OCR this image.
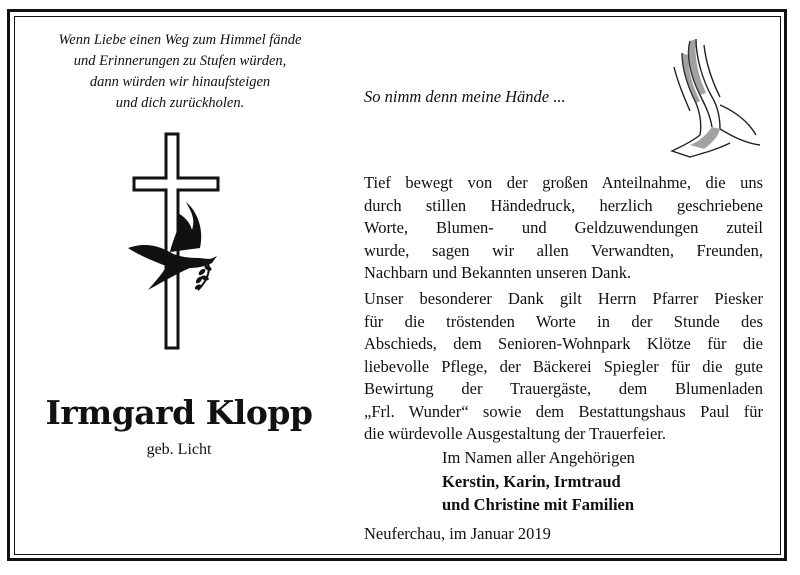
Wenn Liebe einen Weg zum Himmel fände
und Erinnerungen zu Stufen würden,
dann würden wir hinaufsteigen
und dich zurückholen.
Irmgard Klopp
geb. Licht
So nimm denn meine Hände ...
Tief bewegt von der großen Anteilnahme, die uns
durch stillen Händedruck, herzlich geschriebene
Worte, Blumen- und Geldzuwendungen zuteil
wurde, sagen wir allen Verwandten, Freunden,
Nachbarn und Bekannten unseren Dank.
Unser besonderer Dank gilt Herrn Pfarrer Piesker
für die tröstenden Worte in der Stunde des
Abschieds, dem Senioren-Wohnpark Klötze für die
liebevolle Pflege, der Bäckerei Spiegler für die gute
Bewirtung der Trauergäste, dem Blumenladen
„Frl. Wunder“ sowie dem Bestattungshaus Paul für
die würdevolle Ausgestaltung der Trauerfeier.
Im Namen aller Angehörigen
Kerstin, Karin, Irmtraud
und Christine mit Familien
Neuferchau, im Januar 2019
